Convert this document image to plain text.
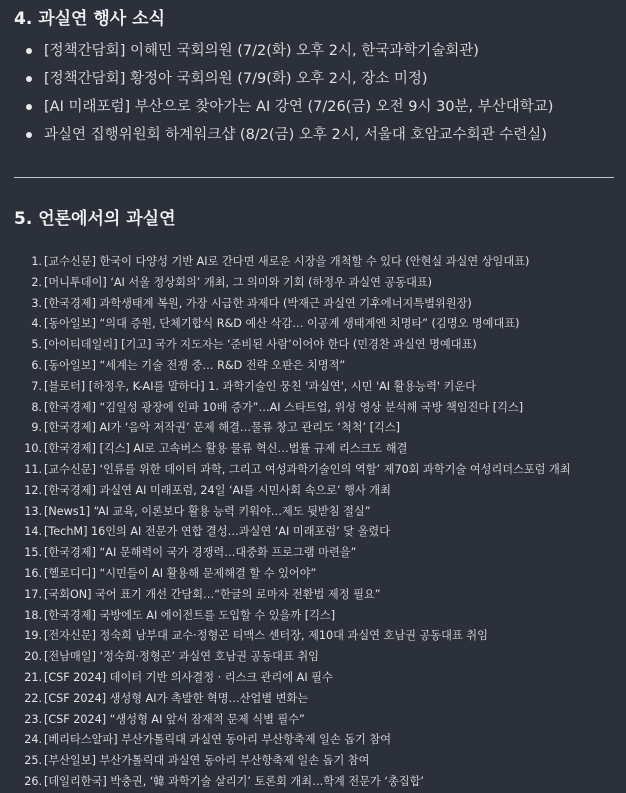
4. 과실연 행사 소식
[정책간담회] 이해민 국회의원 (7/2(화) 오후 2시, 한국과학기술회관)
[정책간담회] 황정아 국회의원 (7/9(화) 오후 2시, 장소 미정)
[AI 미래포럼] 부산으로 찾아가는 AI 강연 (7/26(금) 오전 9시 30분, 부산대학교)
과실연 집행위원회 하계워크샵 (8/2(금) 오후 2시, 서울대 호암교수회관 수련실)
5. 언론에서의 과실연
1. [교수신문] 한국이 다양성 기반 AI로 간다면 새로운 시장을 개척할 수 있다 (안현실 과실연 상임대표)
2. [머니투데이] ‘AI 서울 정상회의’ 개최, 그 의미와 기회 (하정우 과실연 공동대표)
3. [한국경제] 과학생태계 복원, 가장 시급한 과제다 (박재근 과실연 기후에너지특별위원장)
4. [동아일보] “의대 증원, 단체기합식 R&D 예산 삭감… 이공계 생태계엔 치명타” (김명오 명예대표)
5. [아이티데일리] [기고] 국가 지도자는 ‘준비된 사람’이어야 한다 (민경찬 과실연 명예대표)
6. [동아일보] “세계는 기술 전쟁 중… R&D 전략 오판은 치명적”
7. [블로터] [하정우, K-AI를 말하다] 1. 과학기술인 뭉친 '과실연', 시민 'AI 활용능력' 키운다
8. [한국경제] “김일성 광장에 인파 10배 증가”…AI 스타트업, 위성 영상 분석해 국방 책임진다 [긱스]
9. [한국경제] AI가 ‘음악 저작권’ 문제 해결…물류 창고 관리도 ‘척척’ [긱스]
10. [한국경제] [긱스] AI로 고속버스 활용 물류 혁신…법률 규제 리스크도 해결
11. [교수신문] ‘인류를 위한 데이터 과학, 그리고 여성과학기술인의 역할’ 제70회 과학기술 여성리더스포럼 개최
12. [한국경제] 과실연 AI 미래포럼, 24일 ‘AI를 시민사회 속으로’ 행사 개최
13. [News1] “AI 교육, 이론보다 활용 능력 키워야…제도 뒷받침 절실”
14. [TechM] 16인의 AI 전문가 연합 결성…과실연 ‘AI 미래포럼’ 닻 올렸다
15. [한국경제] “AI 문해력이 국가 경쟁력…대중화 프로그램 마련을”
16. [헬로디디] “시민들이 AI 활용해 문제해결 할 수 있어야”
17. [국회ON] 국어 표기 개선 간담회…“한글의 로마자 전환법 제정 필요”
18. [한국경제] 국방에도 AI 에이전트를 도입할 수 있을까 [긱스]
19. [전자신문] 정숙희 남부대 교수·정형곤 티맥스 센터장, 제10대 과실연 호남권 공동대표 취임
20. [전남매일] ‘정숙희·정형곤’ 과실연 호남권 공동대표 취임
21. [CSF 2024] 데이터 기반 의사결정 · 리스크 관리에 AI 필수
22. [CSF 2024] 생성형 AI가 촉발한 혁명…산업별 변화는
23. [CSF 2024] “생성형 AI 앞서 잠재적 문제 식별 필수”
24. [베리타스알파] 부산가톨릭대 과실연 동아리 부산항축제 일손 돕기 참여
25. [부산일보] 부산가톨릭대 과실연 동아리 부산항축제 일손 돕기 참여
26. [데일리한국] 박충권, ‘韓 과학기술 살리기’ 토론회 개최…학계 전문가 ‘총집합’
